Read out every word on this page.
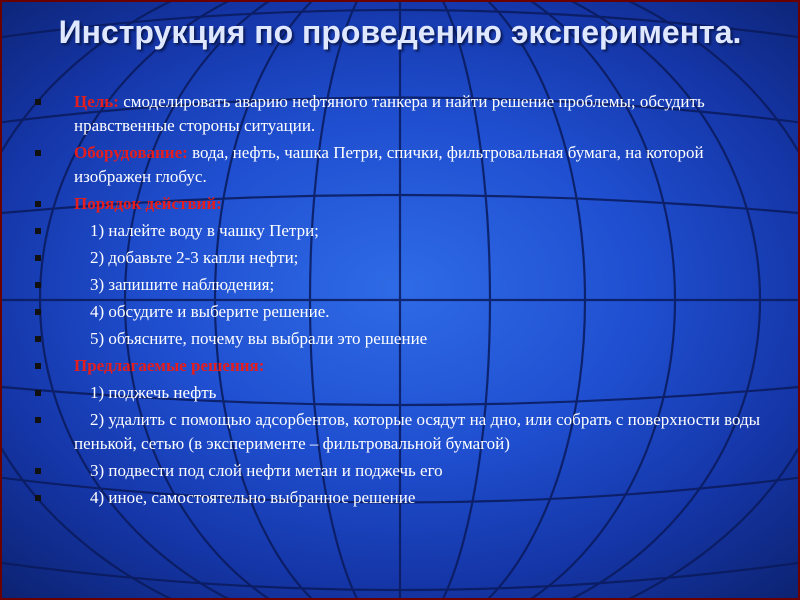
Инструкция по проведению эксперимента.
Цель: смоделировать аварию нефтяного танкера и найти решение проблемы; обсудить нравственные стороны ситуации.
Оборудование: вода, нефть, чашка Петри, спички, фильтровальная бумага, на которой изображен глобус.
Порядок действий:
1) налейте воду в чашку Петри;
2) добавьте 2-3 капли нефти;
3) запишите наблюдения;
4) обсудите и выберите решение.
5) объясните, почему вы выбрали это решение
Предлагаемые решения:
1) поджечь нефть
2) удалить с помощью адсорбентов, которые осядут на дно, или собрать с поверхности воды пенькой, сетью (в эксперименте – фильтровальной бумагой)
3) подвести под слой нефти метан и поджечь его
4) иное, самостоятельно выбранное решение
